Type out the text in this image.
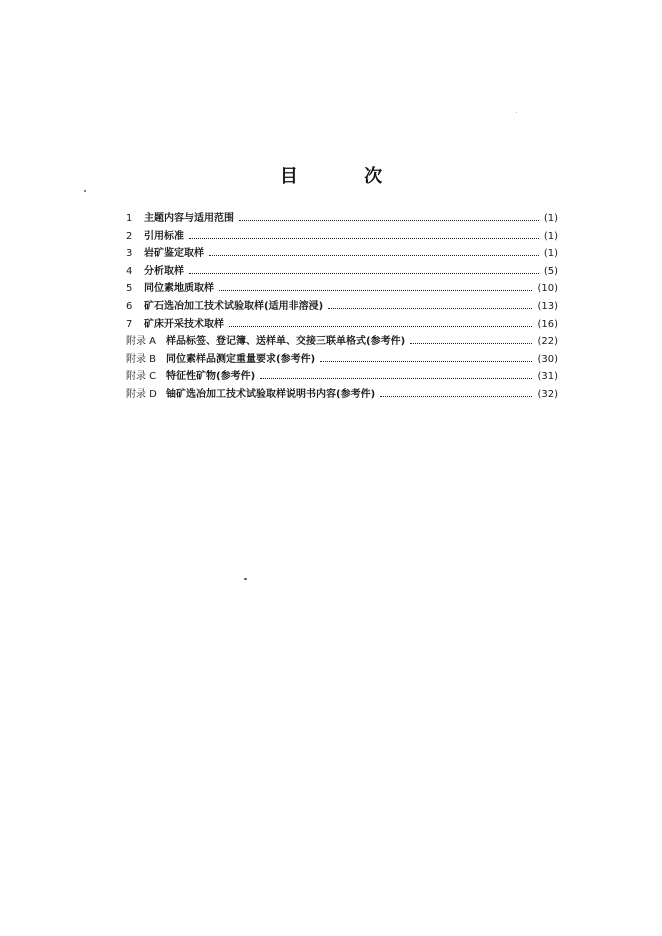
目 次
1	主题内容与适用范围	(1)
2	引用标准	(1)
3	岩矿鉴定取样	(1)
4	分析取样	(5)
5	同位素地质取样	(10)
6	矿石选冶加工技术试验取样(适用非溶浸)	(13)
7	矿床开采技术取样	(16)
附录 A 样品标签、登记簿、送样单、交接三联单格式(参考件)	(22)
附录 B 同位素样品测定重量要求(参考件)	(30)
附录 C 特征性矿物(参考件)	(31)
附录 D 铀矿选冶加工技术试验取样说明书内容(参考件)	(32)
